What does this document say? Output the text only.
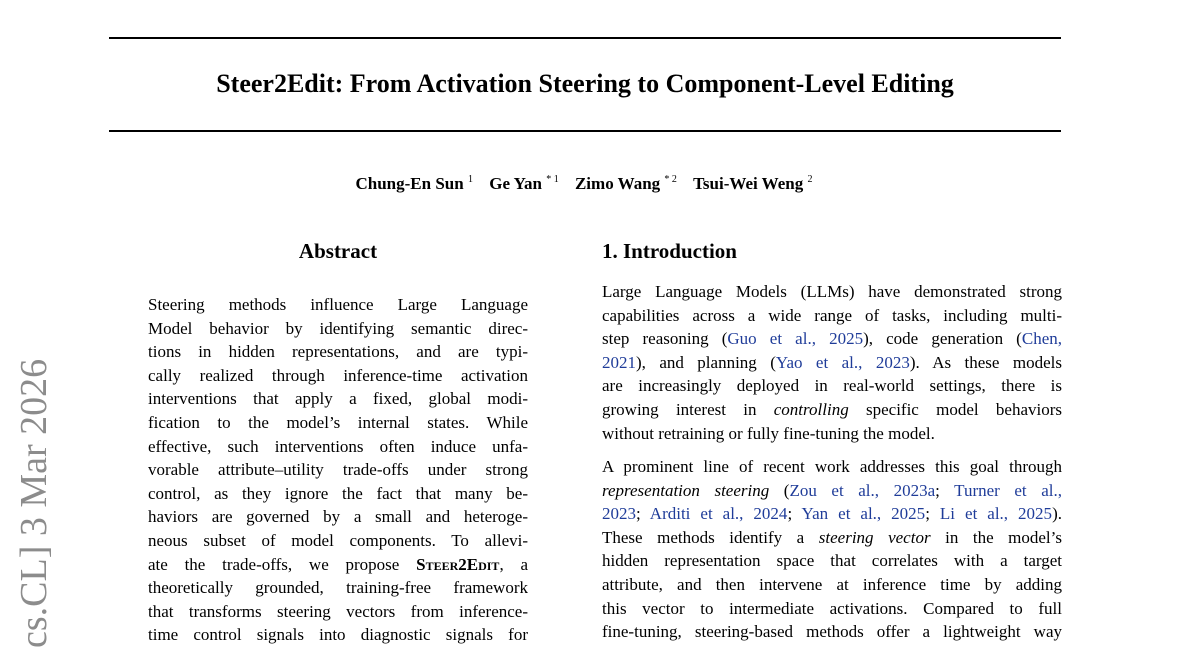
Steer2Edit: From Activation Steering to Component-Level Editing
Chung-En Sun $^1$ Ge Yan $^{* 1}$ Zimo Wang $^{* 2}$ Tsui-Wei Weng $^2$
cs.CL] 3 Mar 2026
Abstract
Steering methods influence Large Language
Model behavior by identifying semantic direc-
tions in hidden representations, and are typi-
cally realized through inference-time activation
interventions that apply a fixed, global modi-
fication to the model’s internal states. While
effective, such interventions often induce unfa-
vorable attribute–utility trade-offs under strong
control, as they ignore the fact that many be-
haviors are governed by a small and heteroge-
neous subset of model components. To allevi-
ate the trade-offs, we propose Steer2Edit, a
theoretically grounded, training-free framework
that transforms steering vectors from inference-
time control signals into diagnostic signals for
1. Introduction
Large Language Models (LLMs) have demonstrated strong
capabilities across a wide range of tasks, including multi-
step reasoning (Guo et al., 2025), code generation (Chen,
2021), and planning (Yao et al., 2023). As these models
are increasingly deployed in real-world settings, there is
growing interest in controlling specific model behaviors
without retraining or fully fine-tuning the model.
A prominent line of recent work addresses this goal through
representation steering (Zou et al., 2023a; Turner et al.,
2023; Arditi et al., 2024; Yan et al., 2025; Li et al., 2025).
These methods identify a steering vector in the model’s
hidden representation space that correlates with a target
attribute, and then intervene at inference time by adding
this vector to intermediate activations. Compared to full
fine-tuning, steering-based methods offer a lightweight way
